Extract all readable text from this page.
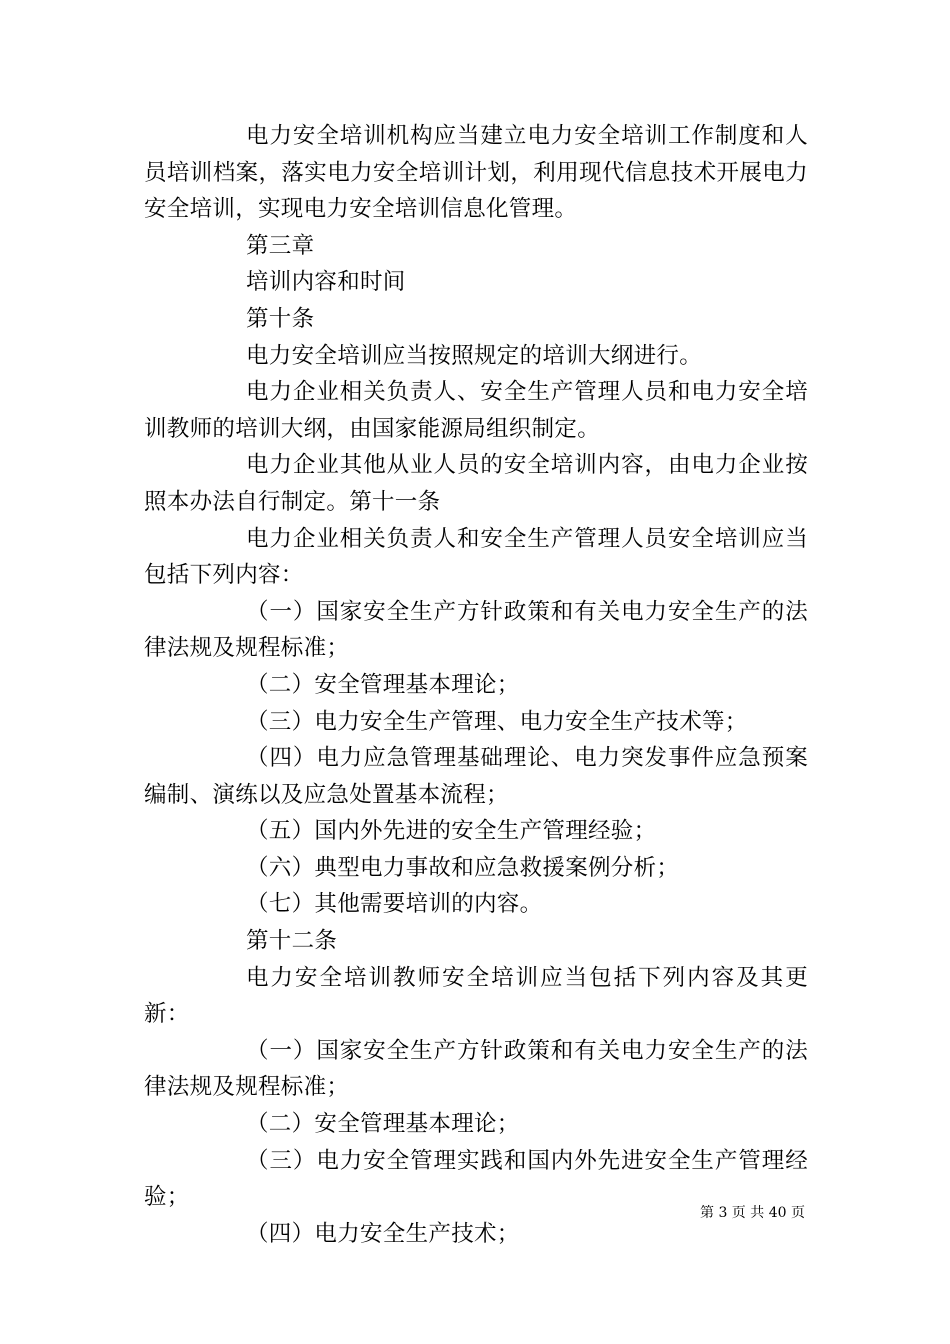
电力安全培训机构应当建立电力安全培训工作制度和人员培训档案，落实电力安全培训计划，利用现代信息技术开展电力安全培训，实现电力安全培训信息化管理。

第三章

培训内容和时间

第十条

电力安全培训应当按照规定的培训大纲进行。

电力企业相关负责人、安全生产管理人员和电力安全培训教师的培训大纲，由国家能源局组织制定。

电力企业其他从业人员的安全培训内容，由电力企业按照本办法自行制定。第十一条

电力企业相关负责人和安全生产管理人员安全培训应当包括下列内容：

（一）国家安全生产方针政策和有关电力安全生产的法律法规及规程标准；

（二）安全管理基本理论；

（三）电力安全生产管理、电力安全生产技术等；

（四）电力应急管理基础理论、电力突发事件应急预案编制、演练以及应急处置基本流程；

（五）国内外先进的安全生产管理经验；

（六）典型电力事故和应急救援案例分析；

（七）其他需要培训的内容。

第十二条

电力安全培训教师安全培训应当包括下列内容及其更新：

（一）国家安全生产方针政策和有关电力安全生产的法律法规及规程标准；

（二）安全管理基本理论；

（三）电力安全管理实践和国内外先进安全生产管理经验；

（四）电力安全生产技术；

第 3 页 共 40 页
